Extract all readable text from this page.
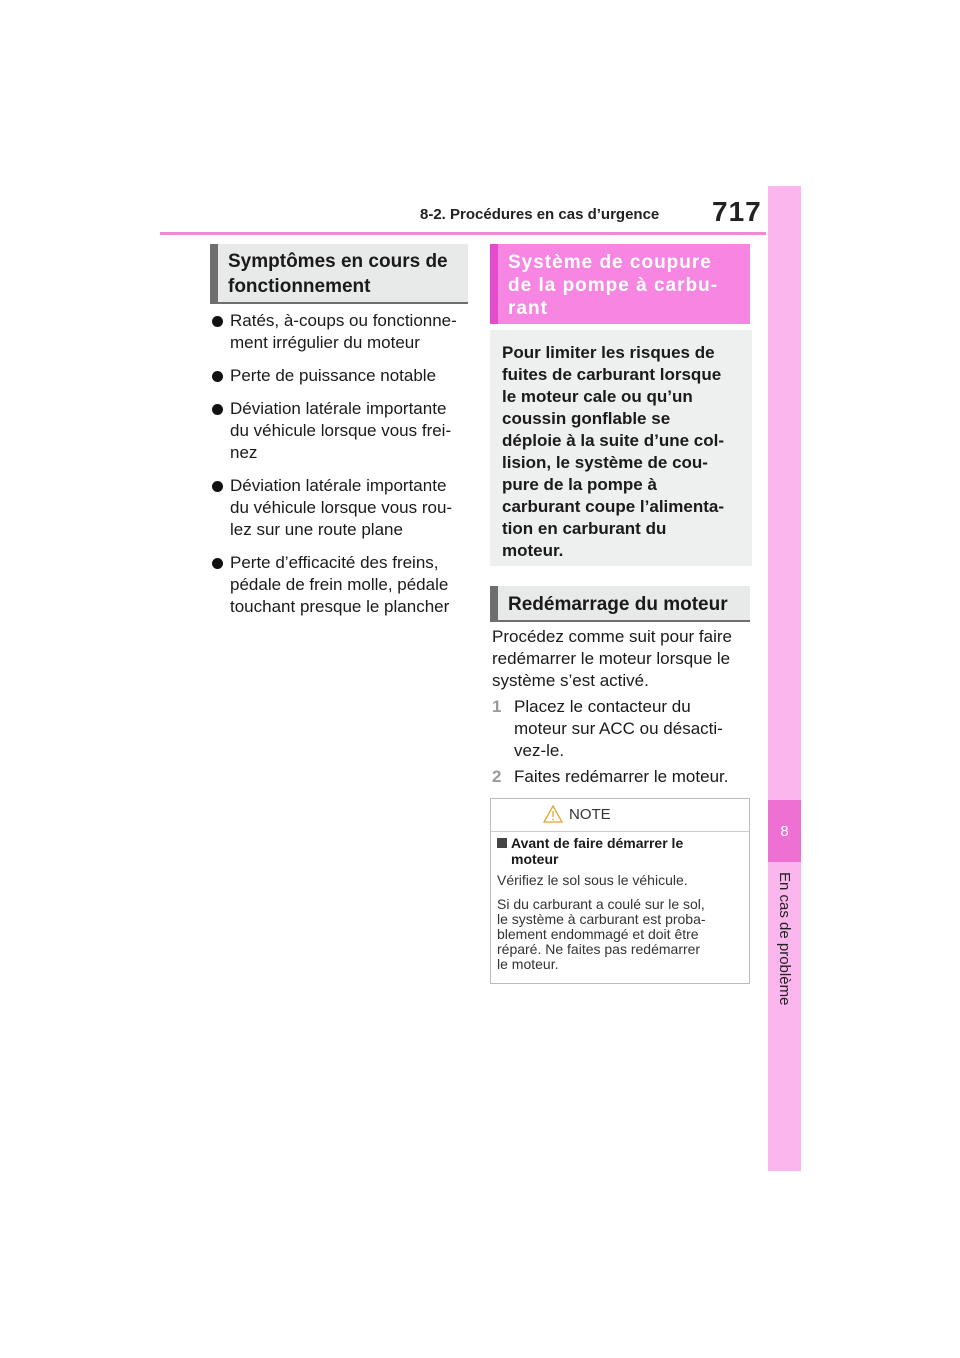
8-2. Procédures en cas d’urgence 717
8
En cas de problème
Symptômes en cours de
fonctionnement
Ratés, à-coups ou fonctionne-
ment irrégulier du moteur
Perte de puissance notable
Déviation latérale importante
du véhicule lorsque vous frei-
nez
Déviation latérale importante
du véhicule lorsque vous rou-
lez sur une route plane
Perte d’efficacité des freins,
pédale de frein molle, pédale
touchant presque le plancher
Système de coupure
de la pompe à carbu-
rant
Pour limiter les risques de
fuites de carburant lorsque
le moteur cale ou qu’un
coussin gonflable se
déploie à la suite d’une col-
lision, le système de cou-
pure de la pompe à
carburant coupe l’alimenta-
tion en carburant du
moteur.
Redémarrage du moteur
Procédez comme suit pour faire
redémarrer le moteur lorsque le
système s’est activé.
1 Placez le contacteur du
moteur sur ACC ou désacti-
vez-le.
2 Faites redémarrer le moteur.
NOTE
Avant de faire démarrer le
moteur
Vérifiez le sol sous le véhicule.
Si du carburant a coulé sur le sol,
le système à carburant est proba-
blement endommagé et doit être
réparé. Ne faites pas redémarrer
le moteur.
